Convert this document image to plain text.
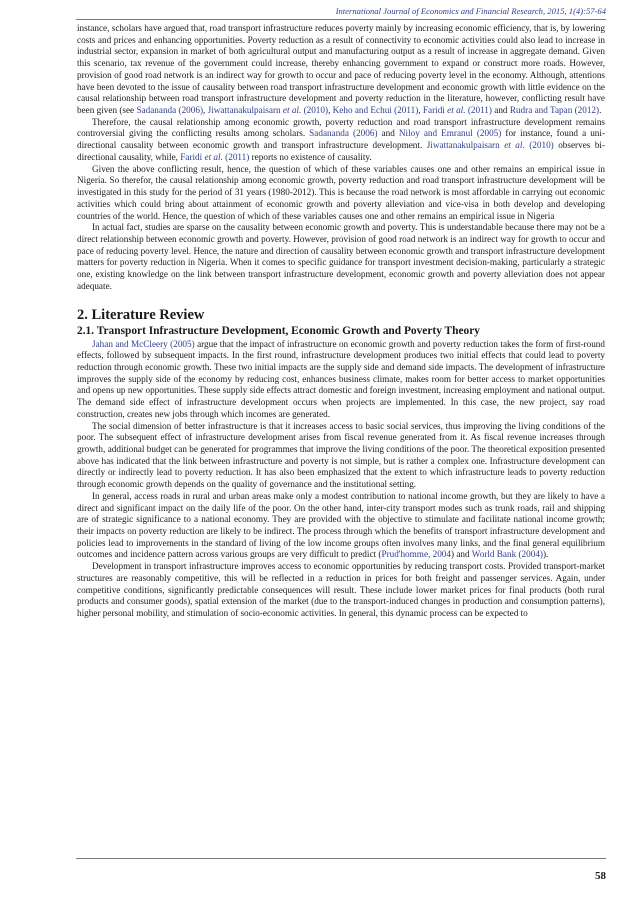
International Journal of Economics and Financial Research, 2015, 1(4):57-64

instance, scholars have argued that, road transport infrastructure reduces poverty mainly by increasing economic efficiency, that is, by lowering costs and prices and enhancing opportunities. Poverty reduction as a result of connectivity to economic activities could also lead to increase in industrial sector, expansion in market of both agricultural output and manufacturing output as a result of increase in aggregate demand. Given this scenario, tax revenue of the government could increase, thereby enhancing government to expand or construct more roads. However, provision of good road network is an indirect way for growth to occur and pace of reducing poverty level in the economy. Although, attentions have been devoted to the issue of causality between road transport infrastructure development and economic growth with little evidence on the causal relationship between road transport infrastructure development and poverty reduction in the literature, however, conflicting result have been given (see Sadananda (2006), Jiwattanakulpaisarn et al. (2010), Keho and Echui (2011), Faridi et al. (2011) and Rudra and Tapan (2012).

Therefore, the causal relationship among economic growth, poverty reduction and road transport infrastructure development remains controversial giving the conflicting results among scholars. Sadananda (2006) and Niloy and Emranul (2005) for instance, found a uni-directional causality between economic growth and transport infrastructure development. Jiwattanakulpaisarn et al. (2010) observes bi-directional causality, while, Faridi et al. (2011) reports no existence of causality.

Given the above conflicting result, hence, the question of which of these variables causes one and other remains an empirical issue in Nigeria. So therefor, the causal relationship among economic growth, poverty reduction and road transport infrastructure development will be investigated in this study for the period of 31 years (1980-2012). This is because the road network is most affordable in carrying out economic activities which could bring about attainment of economic growth and poverty alleviation and vice-visa in both develop and developing countries of the world. Hence, the question of which of these variables causes one and other remains an empirical issue in Nigeria

In actual fact, studies are sparse on the causality between economic growth and poverty. This is understandable because there may not be a direct relationship between economic growth and poverty. However, provision of good road network is an indirect way for growth to occur and pace of reducing poverty level. Hence, the nature and direction of causality between economic growth and transport infrastructure development matters for poverty reduction in Nigeria. When it comes to specific guidance for transport investment decision-making, particularly a strategic one, existing knowledge on the link between transport infrastructure development, economic growth and poverty alleviation does not appear adequate.

2. Literature Review
2.1. Transport Infrastructure Development, Economic Growth and Poverty Theory

Jahan and McCleery (2005) argue that the impact of infrastructure on economic growth and poverty reduction takes the form of first-round effects, followed by subsequent impacts. In the first round, infrastructure development produces two initial effects that could lead to poverty reduction through economic growth. These two initial impacts are the supply side and demand side impacts. The development of infrastructure improves the supply side of the economy by reducing cost, enhances business climate, makes room for better access to market opportunities and opens up new opportunities. These supply side effects attract domestic and foreign investment, increasing employment and national output. The demand side effect of infrastructure development occurs when projects are implemented. In this case, the new project, say road construction, creates new jobs through which incomes are generated.

The social dimension of better infrastructure is that it increases access to basic social services, thus improving the living conditions of the poor. The subsequent effect of infrastructure development arises from fiscal revenue generated from it. As fiscal revenue increases through growth, additional budget can be generated for programmes that improve the living conditions of the poor. The theoretical exposition presented above has indicated that the link between infrastructure and poverty is not simple, but is rather a complex one. Infrastructure development can directly or indirectly lead to poverty reduction. It has also been emphasized that the extent to which infrastructure leads to poverty reduction through economic growth depends on the quality of governance and the institutional setting.

In general, access roads in rural and urban areas make only a modest contribution to national income growth, but they are likely to have a direct and significant impact on the daily life of the poor. On the other hand, inter-city transport modes such as trunk roads, rail and shipping are of strategic significance to a national economy. They are provided with the objective to stimulate and facilitate national income growth; their impacts on poverty reduction are likely to be indirect. The process through which the benefits of transport infrastructure development and policies lead to improvements in the standard of living of the low income groups often involves many links, and the final general equilibrium outcomes and incidence pattern across various groups are very difficult to predict (Prud'homme, 2004) and World Bank (2004)).

Development in transport infrastructure improves access to economic opportunities by reducing transport costs. Provided transport-market structures are reasonably competitive, this will be reflected in a reduction in prices for both freight and passenger services. Again, under competitive conditions, significantly predictable consequences will result. These include lower market prices for final products (both rural products and consumer goods), spatial extension of the market (due to the transport-induced changes in production and consumption patterns), higher personal mobility, and stimulation of socio-economic activities. In general, this dynamic process can be expected to

58
